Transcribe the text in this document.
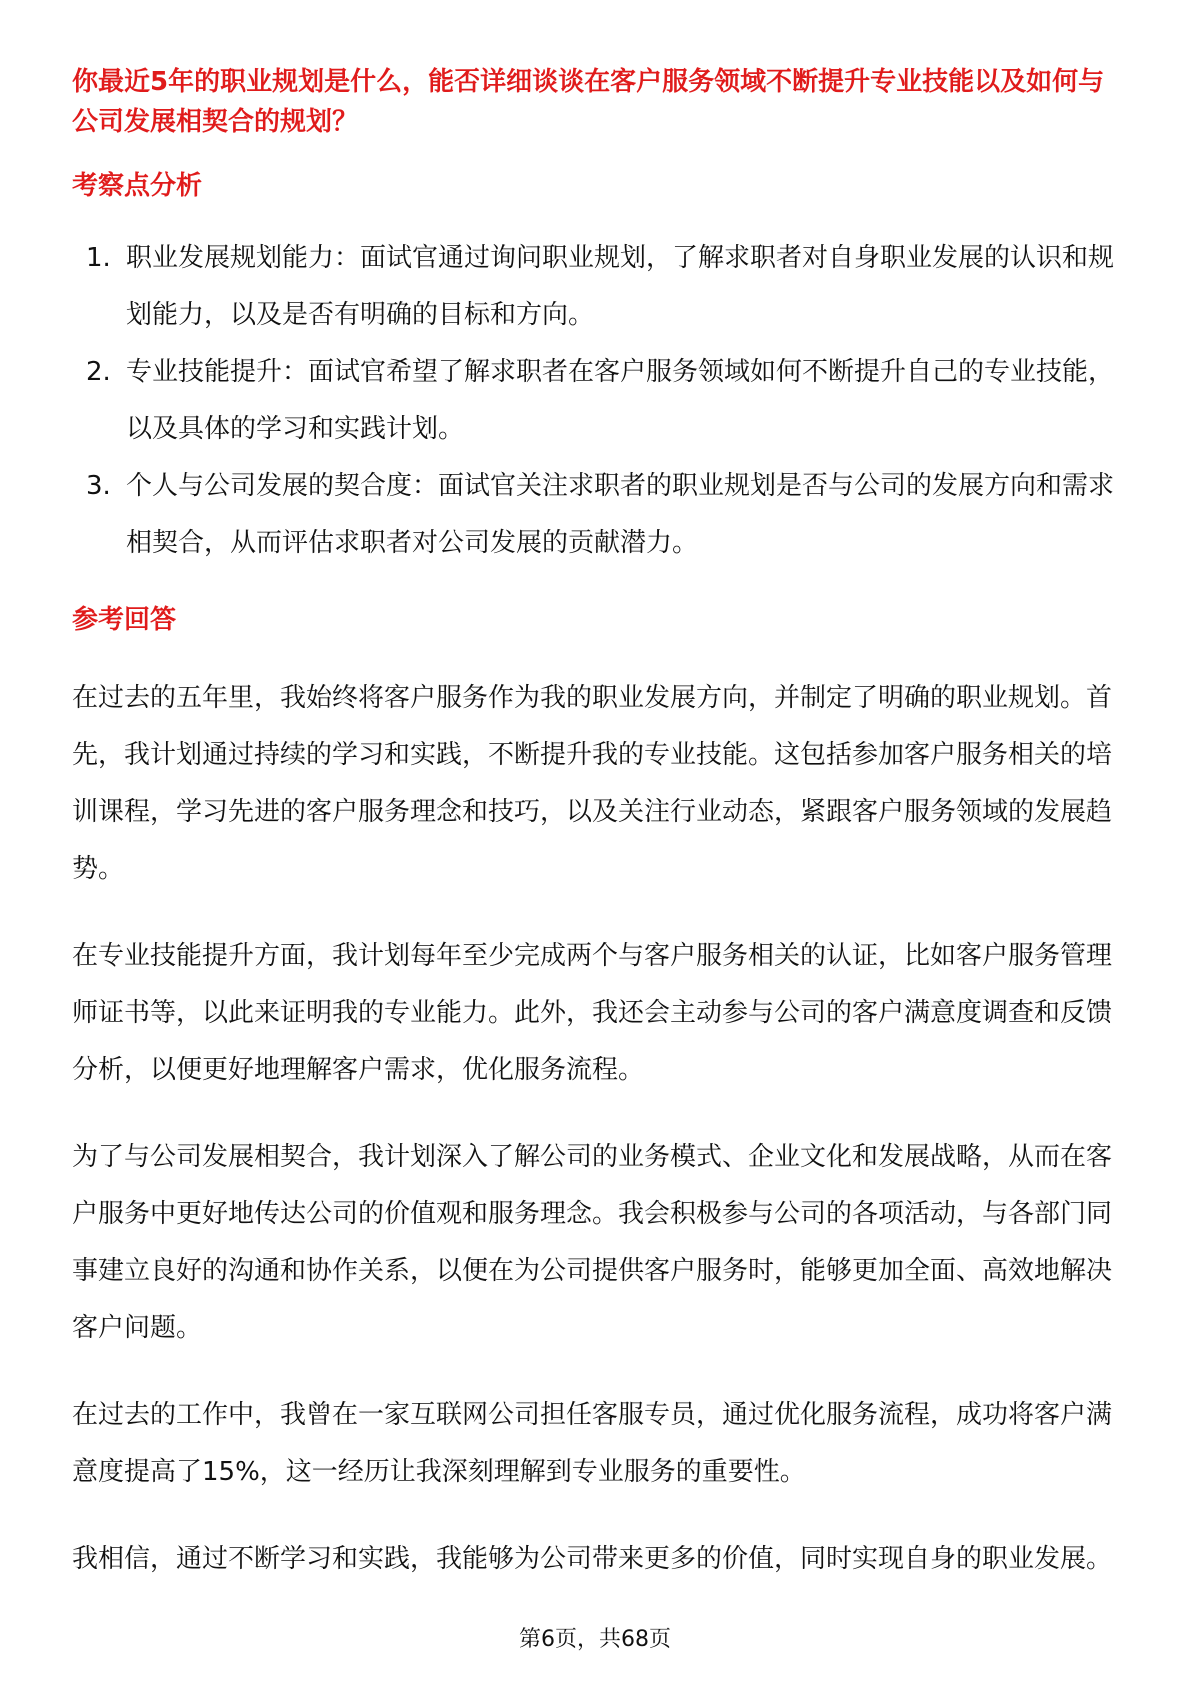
你最近5年的职业规划是什么，能否详细谈谈在客户服务领域不断提升专业技能以及如何与公司发展相契合的规划？

考察点分析
1. 职业发展规划能力：面试官通过询问职业规划，了解求职者对自身职业发展的认识和规划能力，以及是否有明确的目标和方向。
2. 专业技能提升：面试官希望了解求职者在客户服务领域如何不断提升自己的专业技能，以及具体的学习和实践计划。
3. 个人与公司发展的契合度：面试官关注求职者的职业规划是否与公司的发展方向和需求相契合，从而评估求职者对公司发展的贡献潜力。
参考回答

在过去的五年里，我始终将客户服务作为我的职业发展方向，并制定了明确的职业规划。首先，我计划通过持续的学习和实践，不断提升我的专业技能。这包括参加客户服务相关的培训课程，学习先进的客户服务理念和技巧，以及关注行业动态，紧跟客户服务领域的发展趋势。

在专业技能提升方面，我计划每年至少完成两个与客户服务相关的认证，比如客户服务管理师证书等，以此来证明我的专业能力。此外，我还会主动参与公司的客户满意度调查和反馈分析，以便更好地理解客户需求，优化服务流程。

为了与公司发展相契合，我计划深入了解公司的业务模式、企业文化和发展战略，从而在客户服务中更好地传达公司的价值观和服务理念。我会积极参与公司的各项活动，与各部门同事建立良好的沟通和协作关系，以便在为公司提供客户服务时，能够更加全面、高效地解决客户问题。

在过去的工作中，我曾在一家互联网公司担任客服专员，通过优化服务流程，成功将客户满意度提高了15%，这一经历让我深刻理解到专业服务的重要性。

我相信，通过不断学习和实践，我能够为公司带来更多的价值，同时实现自身的职业发展。

第6页，共68页
